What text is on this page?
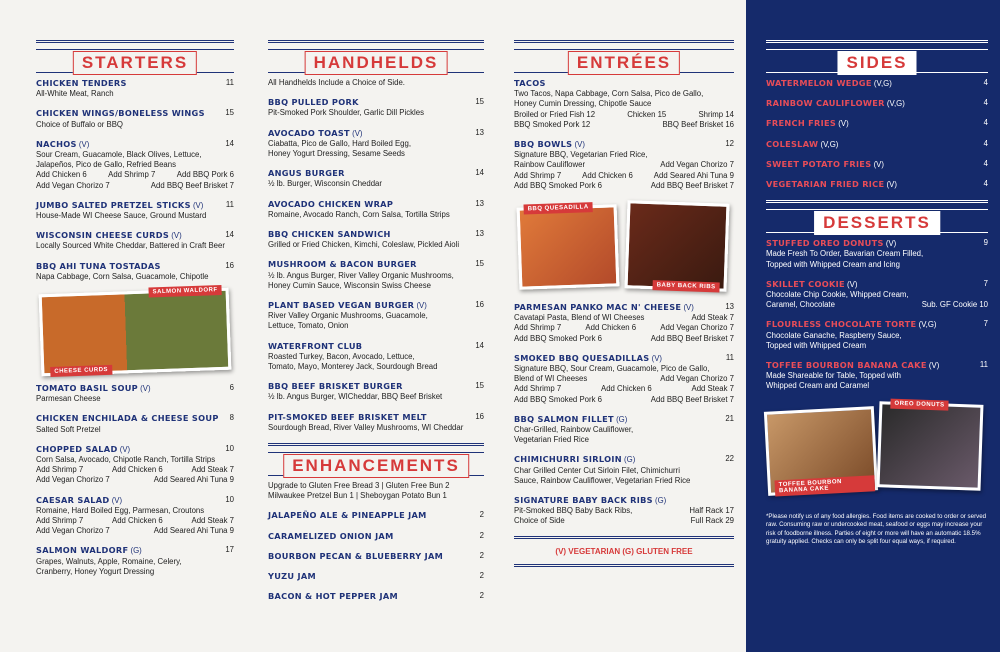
STARTERS
CHICKEN TENDERS	11
All-White Meat, Ranch
CHICKEN WINGS/BONELESS WINGS	15
Choice of Buffalo or BBQ
NACHOS (V)	14
Sour Cream, Guacamole, Black Olives, Lettuce,
Jalapeños, Pico de Gallo, Refried Beans
Add Chicken 6	Add Shrimp 7	Add BBQ Pork 6
Add Vegan Chorizo 7	Add BBQ Beef Brisket 7
JUMBO SALTED PRETZEL STICKS (V)	11
House-Made WI Cheese Sauce, Ground Mustard
WISCONSIN CHEESE CURDS (V)	14
Locally Sourced White Cheddar, Battered in Craft Beer
BBQ AHI TUNA TOSTADAS	16
Napa Cabbage, Corn Salsa, Guacamole, Chipotle
SALMON WALDORF
CHEESE CURDS
TOMATO BASIL SOUP (V)	6
Parmesan Cheese
CHICKEN ENCHILADA & CHEESE SOUP 8
Salted Soft Pretzel
CHOPPED SALAD (V)	10
Corn Salsa, Avocado, Chipotle Ranch, Tortilla Strips
Add Shrimp 7	Add Chicken 6	Add Steak 7
Add Vegan Chorizo 7	Add Seared Ahi Tuna 9
CAESAR SALAD (V)	10
Romaine, Hard Boiled Egg, Parmesan, Croutons
Add Shrimp 7	Add Chicken 6	Add Steak 7
Add Vegan Chorizo 7	Add Seared Ahi Tuna 9
SALMON WALDORF (G)	17
Grapes, Walnuts, Apple, Romaine, Celery,
Cranberry, Honey Yogurt Dressing
HANDHELDS
All Handhelds Include a Choice of Side.
BBQ PULLED PORK	15
Pit-Smoked Pork Shoulder, Garlic Dill Pickles
AVOCADO TOAST (V)	13
Ciabatta, Pico de Gallo, Hard Boiled Egg,
Honey Yogurt Dressing, Sesame Seeds
ANGUS BURGER	14
½ lb. Burger, Wisconsin Cheddar
AVOCADO CHICKEN WRAP	13
Romaine, Avocado Ranch, Corn Salsa, Tortilla Strips
BBQ CHICKEN SANDWICH	13
Grilled or Fried Chicken, Kimchi, Coleslaw, Pickled Aioli
MUSHROOM & BACON BURGER	15
½ lb. Angus Burger, River Valley Organic Mushrooms,
Honey Cumin Sauce, Wisconsin Swiss Cheese
PLANT BASED VEGAN BURGER (V)	16
River Valley Organic Mushrooms, Guacamole,
Lettuce, Tomato, Onion
WATERFRONT CLUB	14
Roasted Turkey, Bacon, Avocado, Lettuce,
Tomato, Mayo, Monterey Jack, Sourdough Bread
BBQ BEEF BRISKET BURGER	15
½ lb. Angus Burger, WICheddar, BBQ Beef Brisket
PIT-SMOKED BEEF BRISKET MELT	16
Sourdough Bread, River Valley Mushrooms, WI Cheddar
ENHANCEMENTS
Upgrade to Gluten Free Bread 3 | Gluten Free Bun 2
Milwaukee Pretzel Bun 1 | Sheboygan Potato Bun 1
JALAPEÑO ALE & PINEAPPLE JAM	2
CARAMELIZED ONION JAM	2
BOURBON PECAN & BLUEBERRY JAM	2
YUZU JAM	2
BACON & HOT PEPPER JAM	2
ENTRÉES
TACOS
Two Tacos, Napa Cabbage, Corn Salsa, Pico de Gallo,
Honey Cumin Dressing, Chipotle Sauce
Broiled or Fried Fish 12	Chicken 15	Shrimp 14
BBQ Smoked Pork 12	BBQ Beef Brisket 16
BBQ BOWLS (V)	12
Signature BBQ, Vegetarian Fried Rice,
Rainbow Cauliflower	Add Vegan Chorizo 7
Add Shrimp 7	Add Chicken 6	Add Seared Ahi Tuna 9
Add BBQ Smoked Pork 6	Add BBQ Beef Brisket 7
BBQ QUESADILLA
BABY BACK RIBS
PARMESAN PANKO MAC N' CHEESE (V)	13
Cavatapi Pasta, Blend of WI Cheeses	Add Steak 7
Add Shrimp 7	Add Chicken 6	Add Vegan Chorizo 7
Add BBQ Smoked Pork 6	Add BBQ Beef Brisket 7
SMOKED BBQ QUESADILLAS (V)	11
Signature BBQ, Sour Cream, Guacamole, Pico de Gallo,
Blend of WI Cheeses	Add Vegan Chorizo 7
Add Shrimp 7	Add Chicken 6	Add Steak 7
Add BBQ Smoked Pork 6	Add BBQ Beef Brisket 7
BBQ SALMON FILLET (G)	21
Char-Grilled, Rainbow Cauliflower,
Vegetarian Fried Rice
CHIMICHURRI SIRLOIN (G)	22
Char Grilled Center Cut Sirloin Filet, Chimichurri
Sauce, Rainbow Cauliflower, Vegetarian Fried Rice
SIGNATURE BABY BACK RIBS (G)
Pit-Smoked BBQ Baby Back Ribs,	Half Rack 17
Choice of Side	Full Rack 29
(V) VEGETARIAN (G) GLUTEN FREE
SIDES
WATERMELON WEDGE (V,G)	4
RAINBOW CAULIFLOWER (V,G)	4
FRENCH FRIES (V)	4
COLESLAW (V,G)	4
SWEET POTATO FRIES (V)	4
VEGETARIAN FRIED RICE (V)	4
DESSERTS
STUFFED OREO DONUTS (V)	9
Made Fresh To Order, Bavarian Cream Filled,
Topped with Whipped Cream and Icing
SKILLET COOKIE (V)	7
Chocolate Chip Cookie, Whipped Cream,
Caramel, Chocolate	Sub. GF Cookie 10
FLOURLESS CHOCOLATE TORTE (V,G)	7
Chocolate Ganache, Raspberry Sauce,
Topped with Whipped Cream
TOFFEE BOURBON BANANA CAKE (V)	11
Made Shareable for Table, Topped with
Whipped Cream and Caramel
TOFFEE BOURBON BANANA CAKE
OREO DONUTS
*Please notify us of any food allergies. Food items are cooked to order or served raw. Consuming raw or undercooked meat, seafood or eggs may increase your risk of foodborne illness. Parties of eight or more will have an automatic 18.5% gratuity applied. Checks can only be split four equal ways, if required.
